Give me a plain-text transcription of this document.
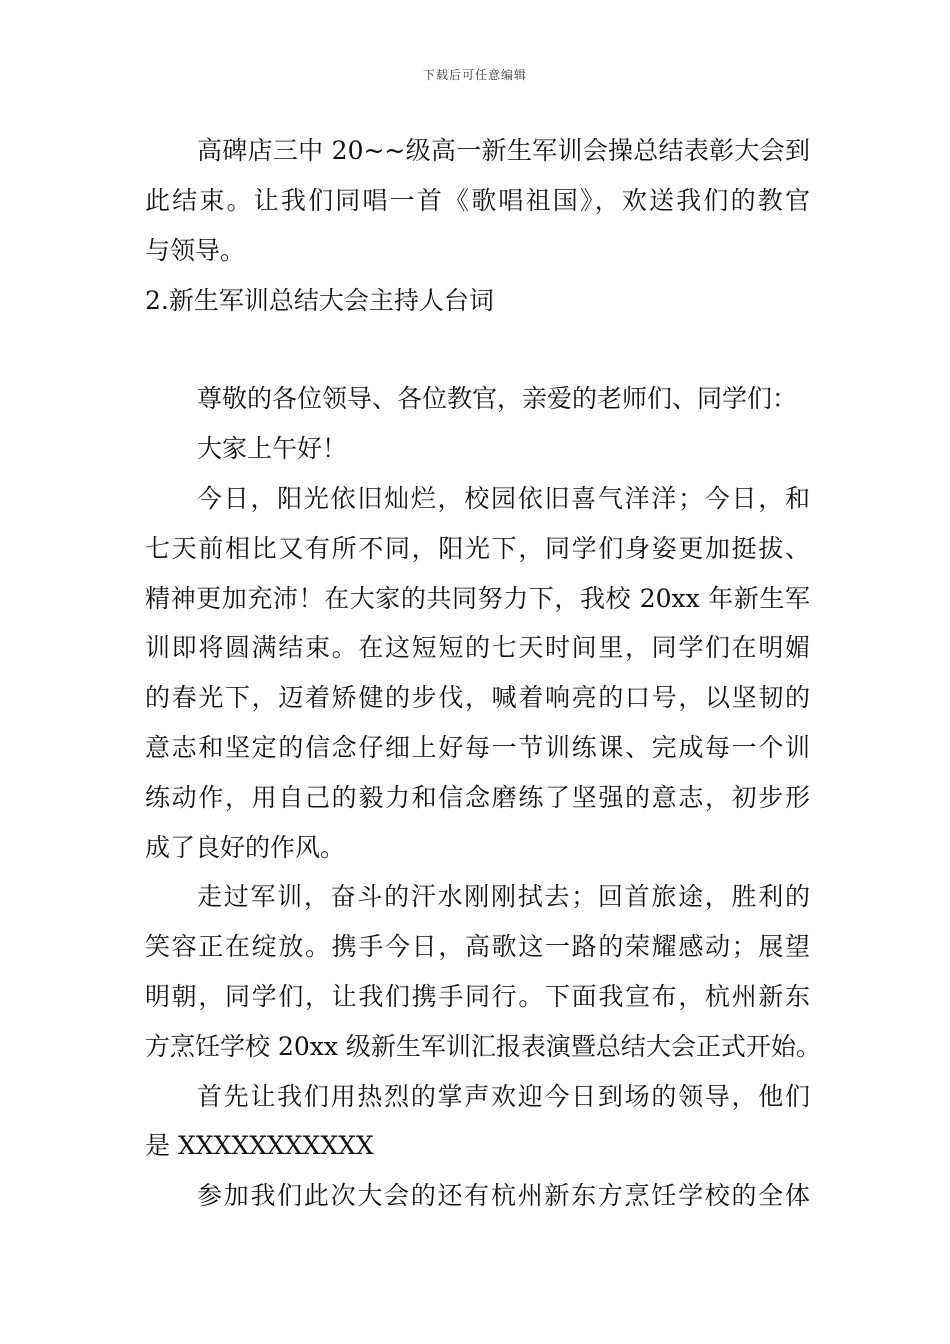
下载后可任意编辑
高碑店三中 20~~级高一新生军训会操总结表彰大会到
此结束。让我们同唱一首《歌唱祖国》，欢送我们的教官
与领导。
2.新生军训总结大会主持人台词
尊敬的各位领导、各位教官，亲爱的老师们、同学们：
大家上午好！
今日，阳光依旧灿烂，校园依旧喜气洋洋；今日，和
七天前相比又有所不同，阳光下，同学们身姿更加挺拔、
精神更加充沛！在大家的共同努力下，我校 20xx 年新生军
训即将圆满结束。在这短短的七天时间里，同学们在明媚
的春光下，迈着矫健的步伐，喊着响亮的口号，以坚韧的
意志和坚定的信念仔细上好每一节训练课、完成每一个训
练动作，用自己的毅力和信念磨练了坚强的意志，初步形
成了良好的作风。
走过军训，奋斗的汗水刚刚拭去；回首旅途，胜利的
笑容正在绽放。携手今日，高歌这一路的荣耀感动；展望
明朝，同学们，让我们携手同行。下面我宣布，杭州新东
方烹饪学校 20xx 级新生军训汇报表演暨总结大会正式开始。
首先让我们用热烈的掌声欢迎今日到场的领导，他们
是 XXXXXXXXXXX
参加我们此次大会的还有杭州新东方烹饪学校的全体
